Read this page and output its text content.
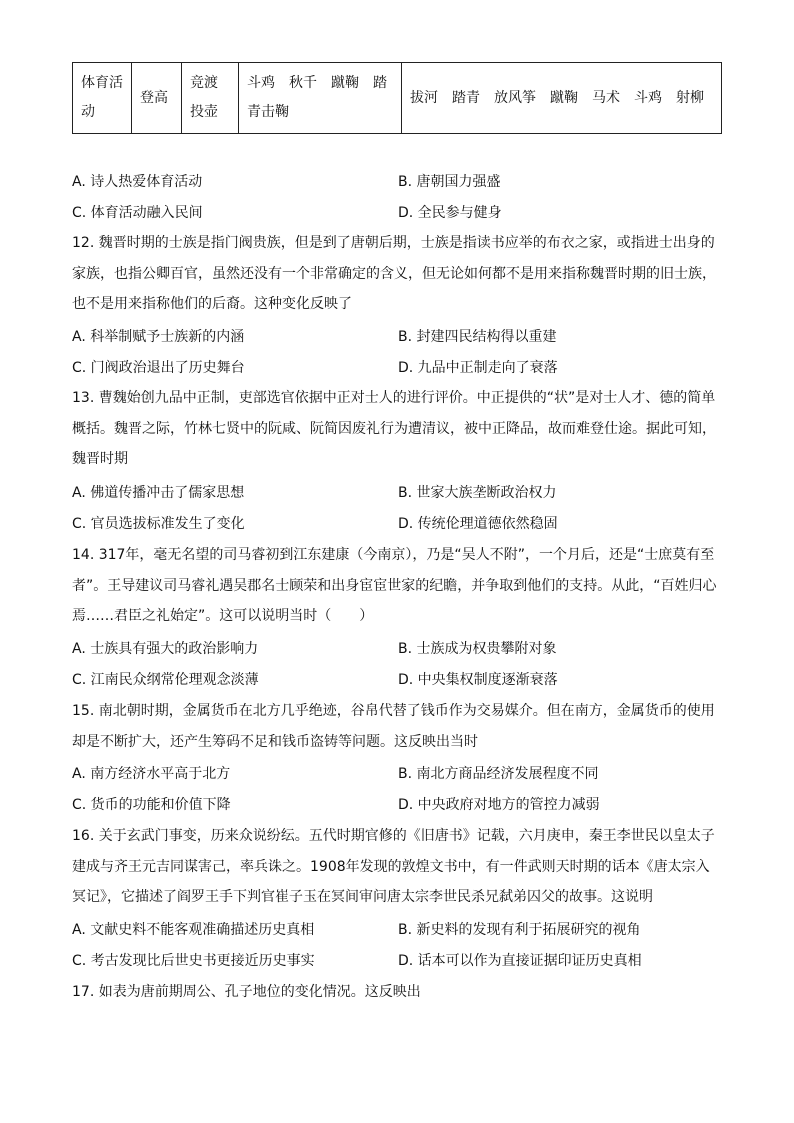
体育活动	登高	竞渡　投壶	斗鸡　秋千　蹴鞠　踏青击鞠	拔河　踏青　放风筝　蹴鞠　马术　斗鸡　射柳
A. 诗人热爱体育活动	B. 唐朝国力强盛
C. 体育活动融入民间	D. 全民参与健身
12. 魏晋时期的士族是指门阀贵族，但是到了唐朝后期，士族是指读书应举的布衣之家，或指进士出身的家族，也指公卿百官，虽然还没有一个非常确定的含义，但无论如何都不是用来指称魏晋时期的旧士族，也不是用来指称他们的后裔。这种变化反映了
A. 科举制赋予士族新的内涵	B. 封建四民结构得以重建
C. 门阀政治退出了历史舞台	D. 九品中正制走向了衰落
13. 曹魏始创九品中正制，吏部选官依据中正对士人的进行评价。中正提供的“状”是对士人才、德的简单概括。魏晋之际，竹林七贤中的阮咸、阮简因废礼行为遭清议，被中正降品，故而难登仕途。据此可知，魏晋时期
A. 佛道传播冲击了儒家思想	B. 世家大族垄断政治权力
C. 官员选拔标准发生了变化	D. 传统伦理道德依然稳固
14. 317年，毫无名望的司马睿初到江东建康（今南京），乃是“吴人不附”，一个月后，还是“士庶莫有至者”。王导建议司马睿礼遇吴郡名士顾荣和出身宦宦世家的纪瞻，并争取到他们的支持。从此，“百姓归心焉……君臣之礼始定”。这可以说明当时（　　）
A. 士族具有强大的政治影响力	B. 士族成为权贵攀附对象
C. 江南民众纲常伦理观念淡薄	D. 中央集权制度逐渐衰落
15. 南北朝时期，金属货币在北方几乎绝迹，谷帛代替了钱币作为交易媒介。但在南方，金属货币的使用却是不断扩大，还产生筹码不足和钱币盗铸等问题。这反映出当时
A. 南方经济水平高于北方	B. 南北方商品经济发展程度不同
C. 货币的功能和价值下降	D. 中央政府对地方的管控力减弱
16. 关于玄武门事变，历来众说纷纭。五代时期官修的《旧唐书》记载，六月庚申，秦王李世民以皇太子建成与齐王元吉同谋害己，率兵诛之。1908年发现的敦煌文书中，有一件武则天时期的话本《唐太宗入冥记》，它描述了阎罗王手下判官崔子玉在冥间审问唐太宗李世民杀兄弑弟囚父的故事。这说明
A. 文献史料不能客观准确描述历史真相	B. 新史料的发现有利于拓展研究的视角
C. 考古发现比后世史书更接近历史事实	D. 话本可以作为直接证据印证历史真相
17. 如表为唐前期周公、孔子地位的变化情况。这反映出
